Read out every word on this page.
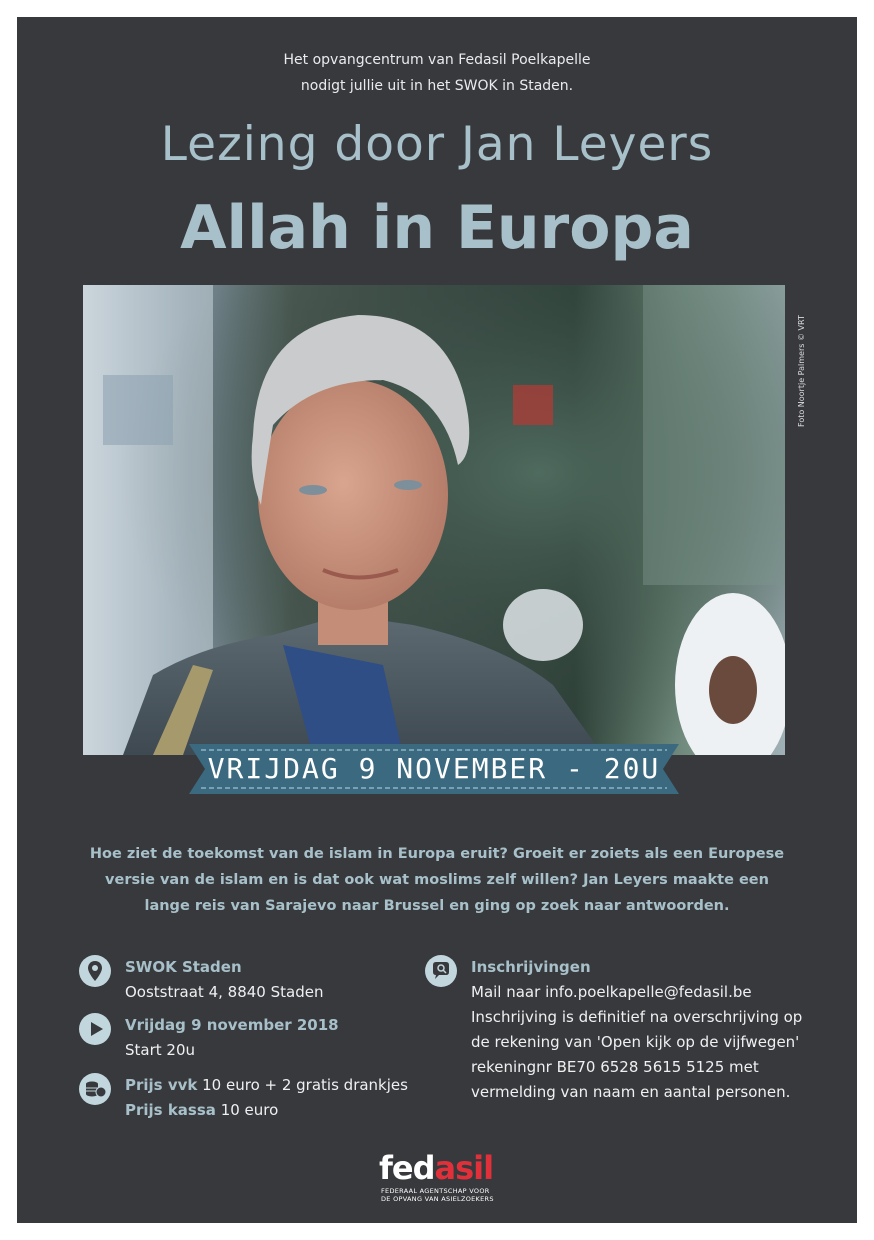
Het opvangcentrum van Fedasil Poelkapelle
nodigt jullie uit in het SWOK in Staden.
Lezing door Jan Leyers
Allah in Europa
Foto Noortje Palmers © VRT
VRIJDAG 9 NOVEMBER - 20U
Hoe ziet de toekomst van de islam in Europa eruit? Groeit er zoiets als een Europese
versie van de islam en is dat ook wat moslims zelf willen? Jan Leyers maakte een
lange reis van Sarajevo naar Brussel en ging op zoek naar antwoorden.
SWOK Staden
Ooststraat 4, 8840 Staden
Vrijdag 9 november 2018
Start 20u
Prijs vvk 10 euro + 2 gratis drankjes
Prijs kassa 10 euro
Inschrijvingen
Mail naar info.poelkapelle@fedasil.be
Inschrijving is definitief na overschrijving op
de rekening van 'Open kijk op de vijfwegen'
rekeningnr BE70 6528 5615 5125 met
vermelding van naam en aantal personen.
fedasil
FEDERAAL AGENTSCHAP VOOR
DE OPVANG VAN ASIELZOEKERS
